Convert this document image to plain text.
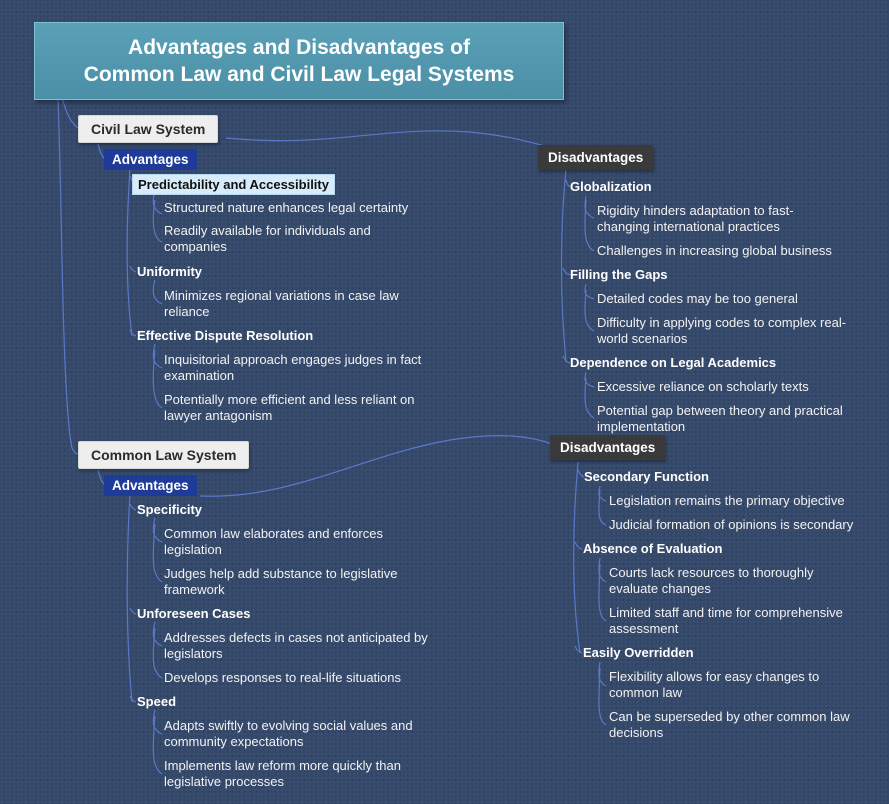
Advantages and Disadvantages of
Common Law and Civil Law Legal Systems
Civil Law System
Advantages
Predictability and Accessibility
Structured nature enhances legal certainty
Readily available for individuals and companies
Uniformity
Minimizes regional variations in case law reliance
Effective Dispute Resolution
Inquisitorial approach engages judges in fact examination
Potentially more efficient and less reliant on lawyer antagonism
Disadvantages
Globalization
Rigidity hinders adaptation to fast-changing international practices
Challenges in increasing global business
Filling the Gaps
Detailed codes may be too general
Difficulty in applying codes to complex real-world scenarios
Dependence on Legal Academics
Excessive reliance on scholarly texts
Potential gap between theory and practical implementation
Common Law System
Advantages
Specificity
Common law elaborates and enforces legislation
Judges help add substance to legislative framework
Unforeseen Cases
Addresses defects in cases not anticipated by legislators
Develops responses to real-life situations
Speed
Adapts swiftly to evolving social values and community expectations
Implements law reform more quickly than legislative processes
Disadvantages
Secondary Function
Legislation remains the primary objective
Judicial formation of opinions is secondary
Absence of Evaluation
Courts lack resources to thoroughly evaluate changes
Limited staff and time for comprehensive assessment
Easily Overridden
Flexibility allows for easy changes to common law
Can be superseded by other common law decisions
